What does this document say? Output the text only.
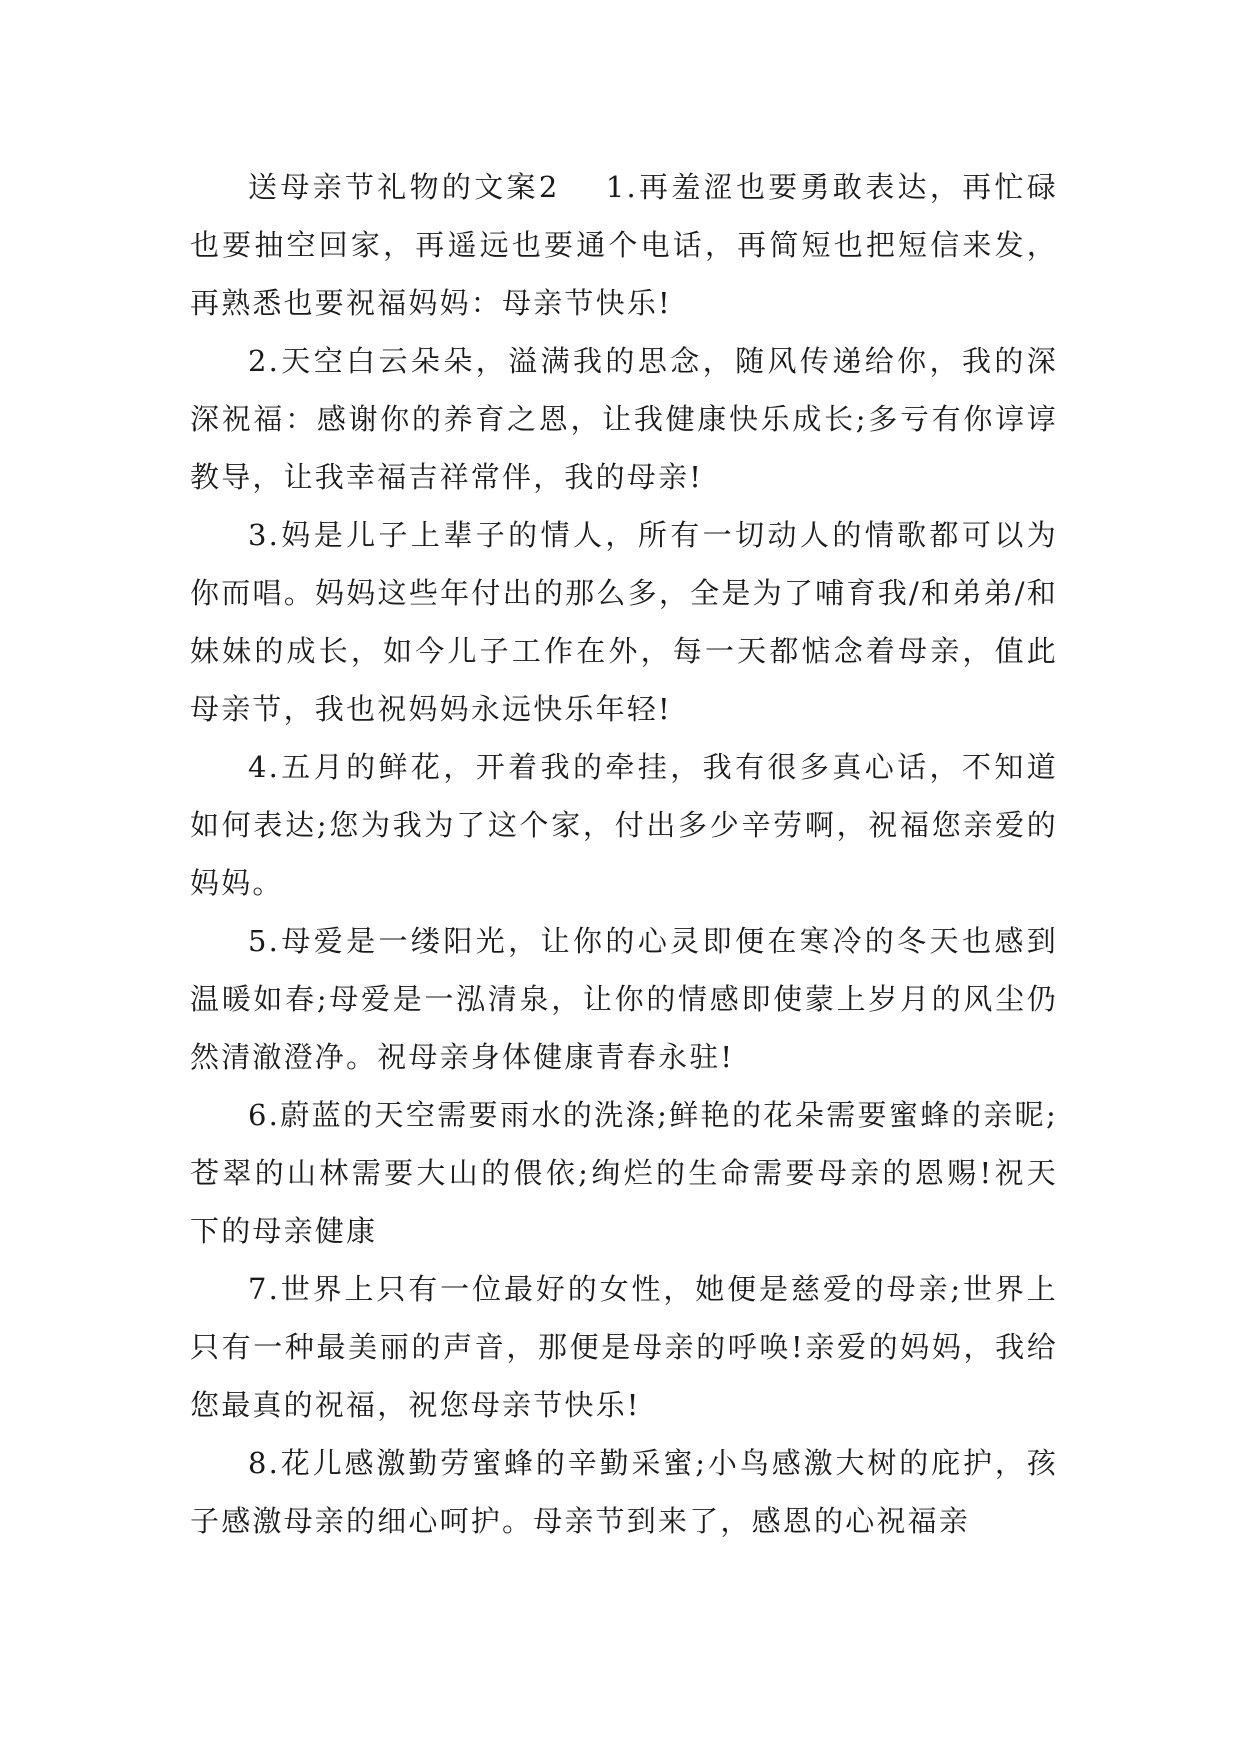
送母亲节礼物的文案2 1.再羞涩也要勇敢表达，再忙碌也要抽空回家，再遥远也要通个电话，再简短也把短信来发，再熟悉也要祝福妈妈：母亲节快乐!

2.天空白云朵朵，溢满我的思念，随风传递给你，我的深深祝福：感谢你的养育之恩，让我健康快乐成长;多亏有你谆谆教导，让我幸福吉祥常伴，我的母亲!

3.妈是儿子上辈子的情人，所有一切动人的情歌都可以为你而唱。妈妈这些年付出的那么多，全是为了哺育我/和弟弟/和妹妹的成长，如今儿子工作在外，每一天都惦念着母亲，值此母亲节，我也祝妈妈永远快乐年轻!

4.五月的鲜花，开着我的牵挂，我有很多真心话，不知道如何表达;您为我为了这个家，付出多少辛劳啊，祝福您亲爱的妈妈。

5.母爱是一缕阳光，让你的心灵即便在寒冷的冬天也感到温暖如春;母爱是一泓清泉，让你的情感即使蒙上岁月的风尘仍然清澈澄净。祝母亲身体健康青春永驻!

6.蔚蓝的天空需要雨水的洗涤;鲜艳的花朵需要蜜蜂的亲昵;苍翠的山林需要大山的偎依;绚烂的生命需要母亲的恩赐!祝天下的母亲健康

7.世界上只有一位最好的女性，她便是慈爱的母亲;世界上只有一种最美丽的声音，那便是母亲的呼唤!亲爱的妈妈，我给您最真的祝福，祝您母亲节快乐!

8.花儿感激勤劳蜜蜂的辛勤采蜜;小鸟感激大树的庇护，孩子感激母亲的细心呵护。母亲节到来了，感恩的心祝福亲
